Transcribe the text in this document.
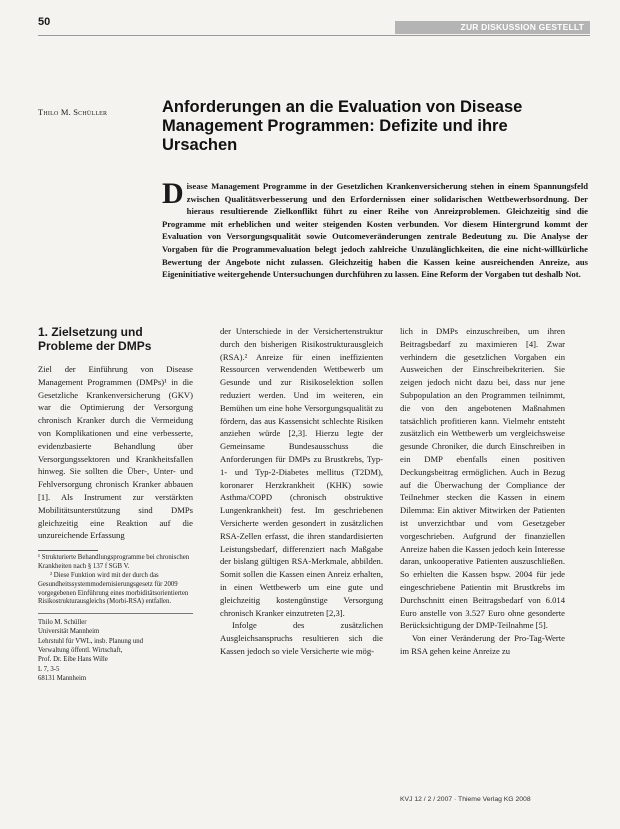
50	ZUR DISKUSSION GESTELLT
Thilo M. Schüller	Anforderungen an die Evaluation von Disease Management Programmen: Defizite und ihre Ursachen
Disease Management Programme in der Gesetzlichen Krankenversicherung stehen in einem Spannungsfeld zwischen Qualitätsverbesserung und den Erfordernissen einer solidarischen Wettbewerbsordnung. Der hieraus resultierende Zielkonflikt führt zu einer Reihe von Anreizproblemen. Gleichzeitig sind die Programme mit erheblichen und weiter steigenden Kosten verbunden. Vor diesem Hintergrund kommt der Evaluation von Versorgungsqualität sowie Outcomeveränderungen zentrale Bedeutung zu. Die Analyse der Vorgaben für die Programmevaluation belegt jedoch zahlreiche Unzulänglichkeiten, die eine nicht-willkürliche Bewertung der Angebote nicht zulassen. Gleichzeitig haben die Kassen keine ausreichenden Anreize, aus Eigeninitiative weitergehende Untersuchungen durchführen zu lassen. Eine Reform der Vorgaben tut deshalb Not.
1. Zielsetzung und Probleme der DMPs

Ziel der Einführung von Disease Management Programmen (DMPs)¹ in die Gesetzliche Krankenversicherung (GKV) war die Optimierung der Versorgung chronisch Kranker durch die Vermeidung von Komplikationen und eine verbesserte, evidenzbasierte Behandlung über Versorgungssektoren und Krankheitsfallen hinweg. Sie sollten die Über-, Unter- und Fehlversorgung chronisch Kranker abbauen [1]. Als Instrument zur verstärkten Mobilitätsunterstützung sind DMPs gleichzeitig eine Reaktion auf die unzureichende Erfassung

¹ Strukturierte Behandlungsprogramme bei chronischen Krankheiten nach § 137 f SGB V.

² Diese Funktion wird mit der durch das Gesundheitssystemmodernisierungsgesetz für 2009 vorgegebenen Einführung eines morbiditätsorientierten Risikostrukturausgleichs (Morbi-RSA) entfallen.

Thilo M. Schüller
Universität Mannheim
Lehrstuhl für VWL, insb. Planung und
Verwaltung öffentl. Wirtschaft,
Prof. Dr. Eibe Hans Wille
L 7, 3-5
68131 Mannheim

der Unterschiede in der Versichertenstruktur durch den bisherigen Risikostrukturausgleich (RSA).² Anreize für einen ineffizienten Ressourcen verwendenden Wettbewerb um Gesunde und zur Risikoselektion sollen reduziert werden. Und im weiteren, ein Bemühen um eine hohe Versorgungsqualität zu fördern, das aus Kassensicht schlechte Risiken anziehen würde [2,3]. Hierzu legte der Gemeinsame Bundesausschuss die Anforderungen für DMPs zu Brustkrebs, Typ-1- und Typ-2-Diabetes mellitus (T2DM), koronarer Herzkrankheit (KHK) sowie Asthma/COPD (chronisch obstruktive Lungenkrankheit) fest. Im geschriebenen Versicherte werden gesondert in zusätzlichen RSA-Zellen erfasst, die ihren standardisierten Leistungsbedarf, differenziert nach Maßgabe der bislang gültigen RSA-Merkmale, abbilden. Somit sollen die Kassen einen Anreiz erhalten, in einen Wettbewerb um eine gute und gleichzeitig kostengünstige Versorgung chronisch Kranker einzutreten [2,3].

Infolge des zusätzlichen Ausgleichsanspruchs resultieren sich die Kassen jedoch so viele Versicherte wie mög-

lich in DMPs einzuschreiben, um ihren Beitragsbedarf zu maximieren [4]. Zwar verhindern die gesetzlichen Vorgaben ein Ausweichen der Einschreibekriterien. Sie zeigen jedoch nicht dazu bei, dass nur jene Subpopulation an den Programmen teilnimmt, die von den angebotenen Maßnahmen tatsächlich profitieren kann. Vielmehr entsteht zusätzlich ein Wettbewerb um vergleichsweise gesunde Chroniker, die durch Einschreiben in ein DMP ebenfalls einen positiven Deckungsbeitrag ermöglichen. Auch in Bezug auf die Überwachung der Compliance der Teilnehmer stecken die Kassen in einem Dilemma: Ein aktiver Mitwirken der Patienten ist unverzichtbar und vom Gesetzgeber vorgeschrieben. Aufgrund der finanziellen Anreize haben die Kassen jedoch kein Interesse daran, unkooperative Patienten auszuschließen. So erhielten die Kassen bspw. 2004 für jede eingeschriebene Patientin mit Brustkrebs im Durchschnitt einen Beitragsbedarf von 6.014 Euro anstelle von 3.527 Euro ohne gesonderte Berücksichtigung der DMP-Teilnahme [5].

Von einer Veränderung der Pro-Tag-Werte im RSA gehen keine Anreize zu

KVJ 12 / 2 / 2007 · Thieme Verlag KG 2008
